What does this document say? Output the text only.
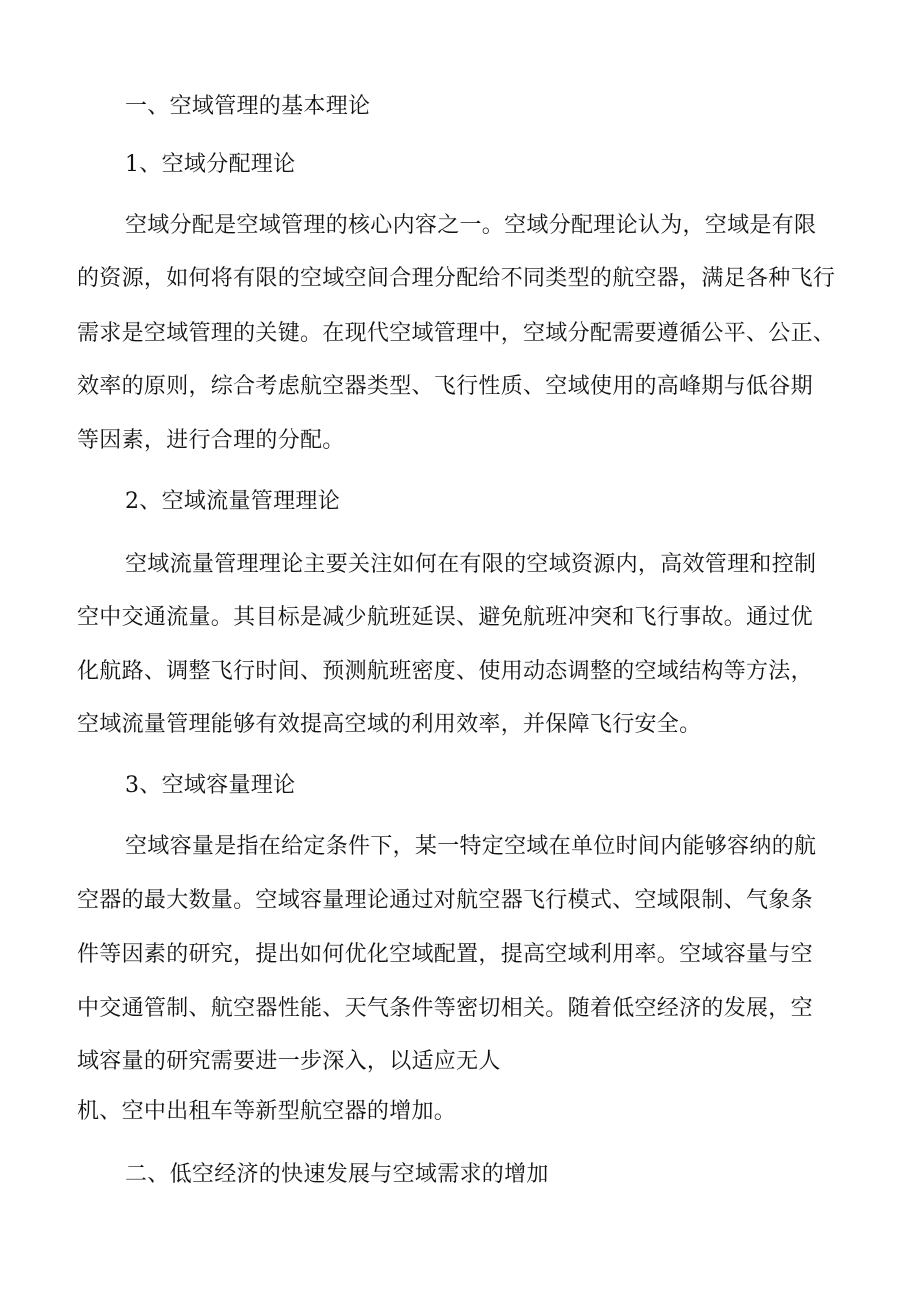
一、空域管理的基本理论
1、空域分配理论
空域分配是空域管理的核心内容之一。空域分配理论认为，空域是有限
的资源，如何将有限的空域空间合理分配给不同类型的航空器，满足各种飞行
需求是空域管理的关键。在现代空域管理中，空域分配需要遵循公平、公正、
效率的原则，综合考虑航空器类型、飞行性质、空域使用的高峰期与低谷期
等因素，进行合理的分配。
2、空域流量管理理论
空域流量管理理论主要关注如何在有限的空域资源内，高效管理和控制
空中交通流量。其目标是减少航班延误、避免航班冲突和飞行事故。通过优
化航路、调整飞行时间、预测航班密度、使用动态调整的空域结构等方法，
空域流量管理能够有效提高空域的利用效率，并保障飞行安全。
3、空域容量理论
空域容量是指在给定条件下，某一特定空域在单位时间内能够容纳的航
空器的最大数量。空域容量理论通过对航空器飞行模式、空域限制、气象条
件等因素的研究，提出如何优化空域配置，提高空域利用率。空域容量与空
中交通管制、航空器性能、天气条件等密切相关。随着低空经济的发展，空
域容量的研究需要进一步深入，以适应无人
机、空中出租车等新型航空器的增加。
二、低空经济的快速发展与空域需求的增加
